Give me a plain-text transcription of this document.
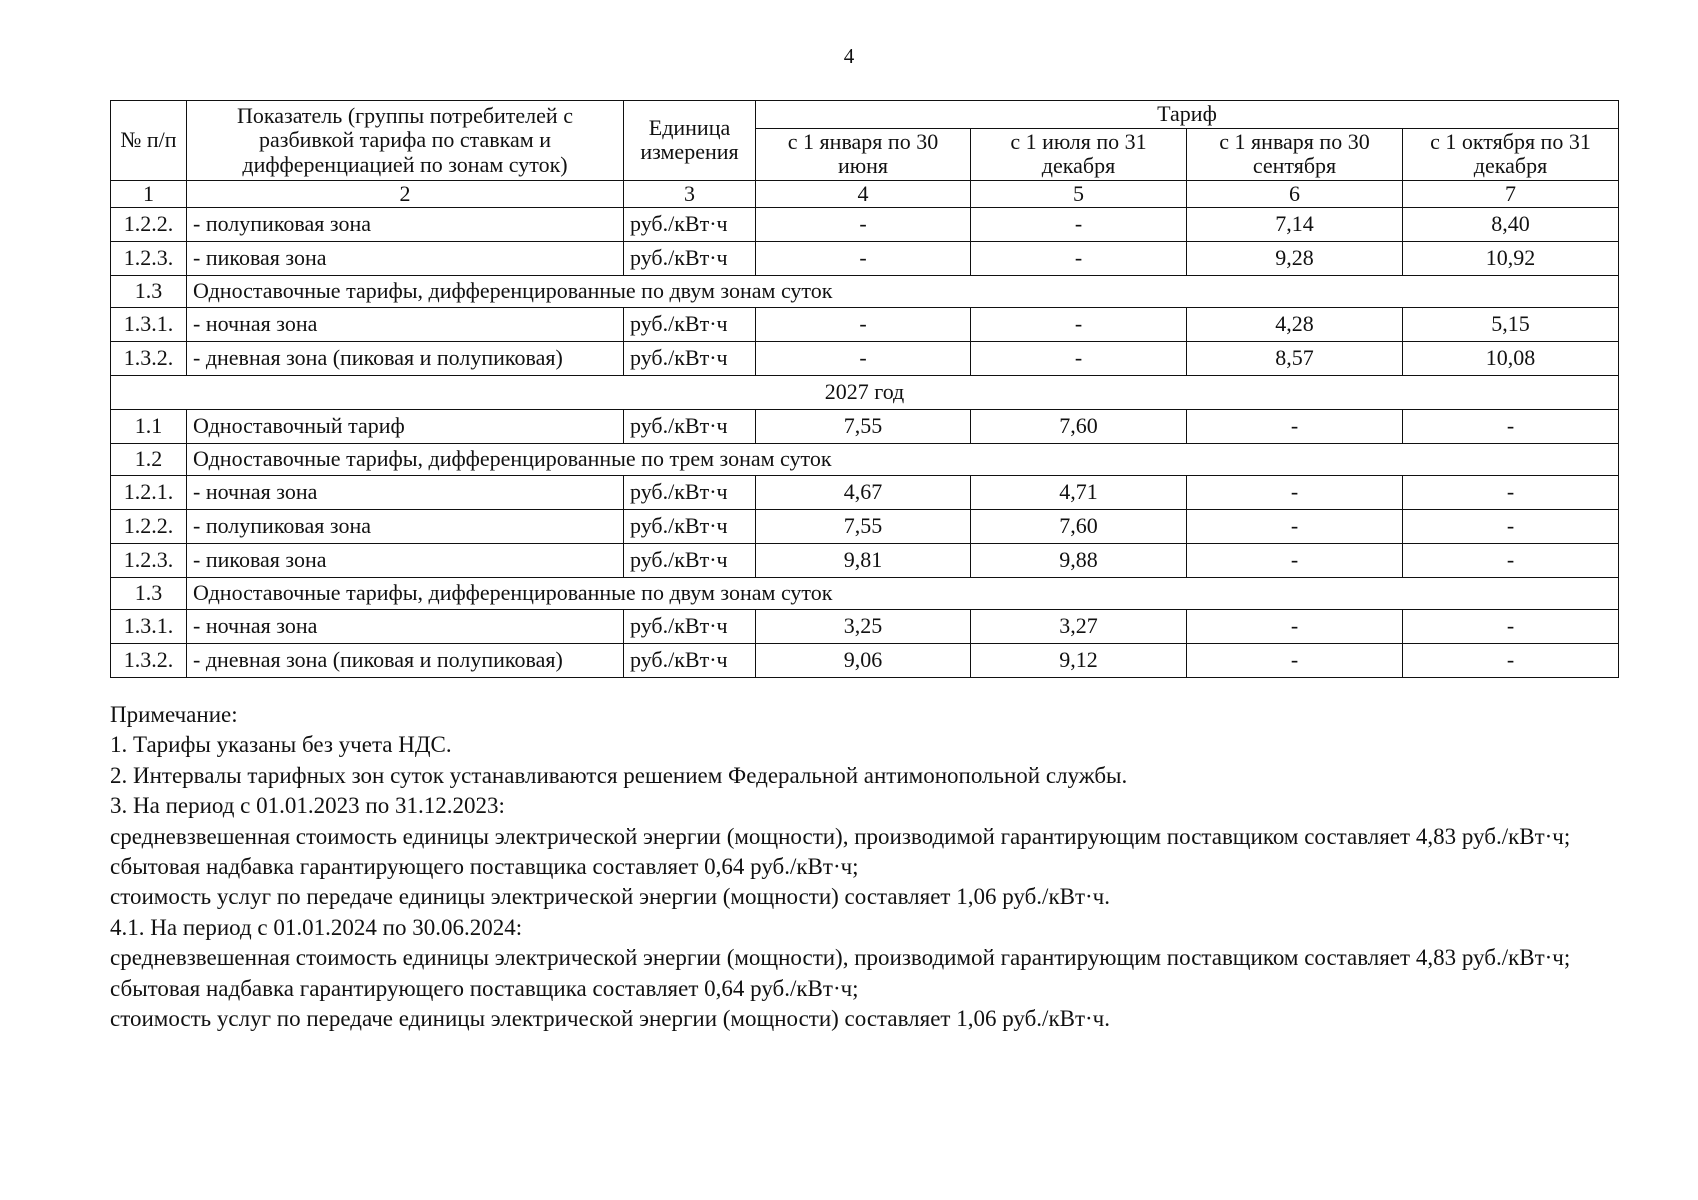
4
№ п/п	Показатель (группы потребителей с разбивкой тарифа по ставкам и дифференциацией по зонам суток)	Единица измерения	Тариф			
			с 1 января по 30 июня	с 1 июля по 31 декабря	с 1 января по 30 сентября	с 1 октября по 31 декабря
1	2	3	4	5	6	7
1.2.2.	- полупиковая зона	руб./кВт·ч	-	-	7,14	8,40
1.2.3.	- пиковая зона	руб./кВт·ч	-	-	9,28	10,92
1.3	Одноставочные тарифы, дифференцированные по двум зонам суток					
1.3.1.	- ночная зона	руб./кВт·ч	-	-	4,28	5,15
1.3.2.	- дневная зона (пиковая и полупиковая)	руб./кВт·ч	-	-	8,57	10,08
2027 год						
1.1	Одноставочный тариф	руб./кВт·ч	7,55	7,60	-	-
1.2	Одноставочные тарифы, дифференцированные по трем зонам суток					
1.2.1.	- ночная зона	руб./кВт·ч	4,67	4,71	-	-
1.2.2.	- полупиковая зона	руб./кВт·ч	7,55	7,60	-	-
1.2.3.	- пиковая зона	руб./кВт·ч	9,81	9,88	-	-
1.3	Одноставочные тарифы, дифференцированные по двум зонам суток					
1.3.1.	- ночная зона	руб./кВт·ч	3,25	3,27	-	-
1.3.2.	- дневная зона (пиковая и полупиковая)	руб./кВт·ч	9,06	9,12	-	-

Примечание:

1. Тарифы указаны без учета НДС.

2. Интервалы тарифных зон суток устанавливаются решением Федеральной антимонопольной службы.

3. На период с 01.01.2023 по 31.12.2023:

средневзвешенная стоимость единицы электрической энергии (мощности), производимой гарантирующим поставщиком составляет 4,83 руб./кВт·ч;

сбытовая надбавка гарантирующего поставщика составляет 0,64 руб./кВт·ч;

стоимость услуг по передаче единицы электрической энергии (мощности) составляет 1,06 руб./кВт·ч.

4.1. На период с 01.01.2024 по 30.06.2024:

средневзвешенная стоимость единицы электрической энергии (мощности), производимой гарантирующим поставщиком составляет 4,83 руб./кВт·ч;

сбытовая надбавка гарантирующего поставщика составляет 0,64 руб./кВт·ч;

стоимость услуг по передаче единицы электрической энергии (мощности) составляет 1,06 руб./кВт·ч.
